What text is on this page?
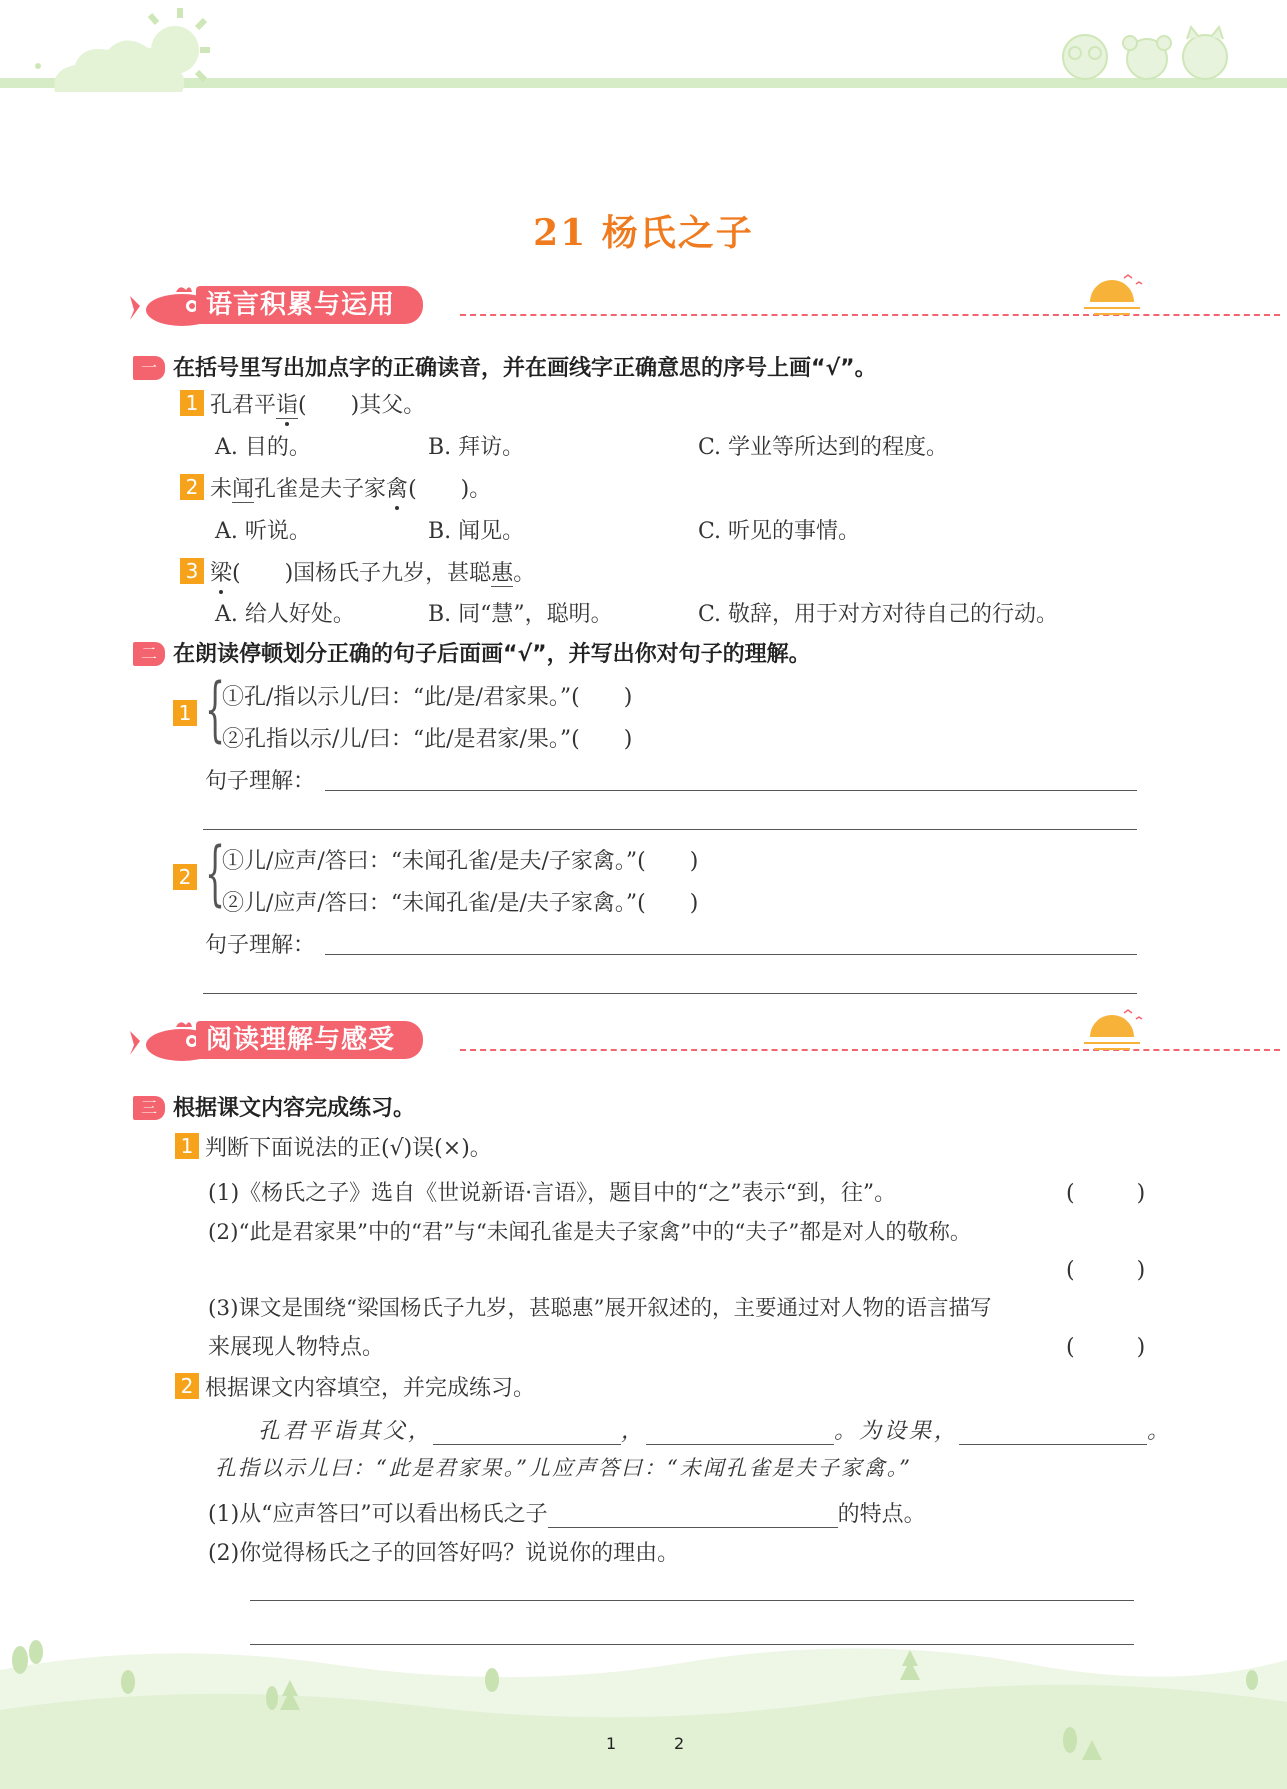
21 杨氏之子
语言积累与运用
一 在括号里写出加点字的正确读音，并在画线字正确意思的序号上画“√”。
1 孔君平诣(　　)其父。
A. 目的。	B. 拜访。	C. 学业等所达到的程度。
2 未闻孔雀是夫子家禽(　　)。
A. 听说。	B. 闻见。	C. 听见的事情。
3 梁(　　)国杨氏子九岁，甚聪惠。
A. 给人好处。	B. 同“慧”，聪明。	C. 敬辞，用于对方对待自己的行动。
二 在朗读停顿划分正确的句子后面画“√”，并写出你对句子的理解。
1 {
①孔/指以示儿/曰：“此/是/君家果。”(　　)
②孔指以示/儿/曰：“此/是君家/果。”(　　)
句子理解：
2 {
①儿/应声/答曰：“未闻孔雀/是夫/子家禽。”(　　)
②儿/应声/答曰：“未闻孔雀/是/夫子家禽。”(　　)
句子理解：
阅读理解与感受
三 根据课文内容完成练习。
1 判断下面说法的正(√)误(×)。
(1)《杨氏之子》选自《世说新语·言语》，题目中的“之”表示“到，往”。	(　　)
(2)“此是君家果”中的“君”与“未闻孔雀是夫子家禽”中的“夫子”都是对人的敬称。
(　　)
(3)课文是围绕“梁国杨氏子九岁，甚聪惠”展开叙述的，主要通过对人物的语言描写
来展现人物特点。	(　　)
2 根据课文内容填空，并完成练习。
孔君平诣其父，	，	。为设果，	。
孔指以示儿曰：“此是君家果。”儿应声答曰：“未闻孔雀是夫子家禽。”
(1)从“应声答曰”可以看出杨氏之子	的特点。
(2)你觉得杨氏之子的回答好吗？说说你的理由。
1	2
